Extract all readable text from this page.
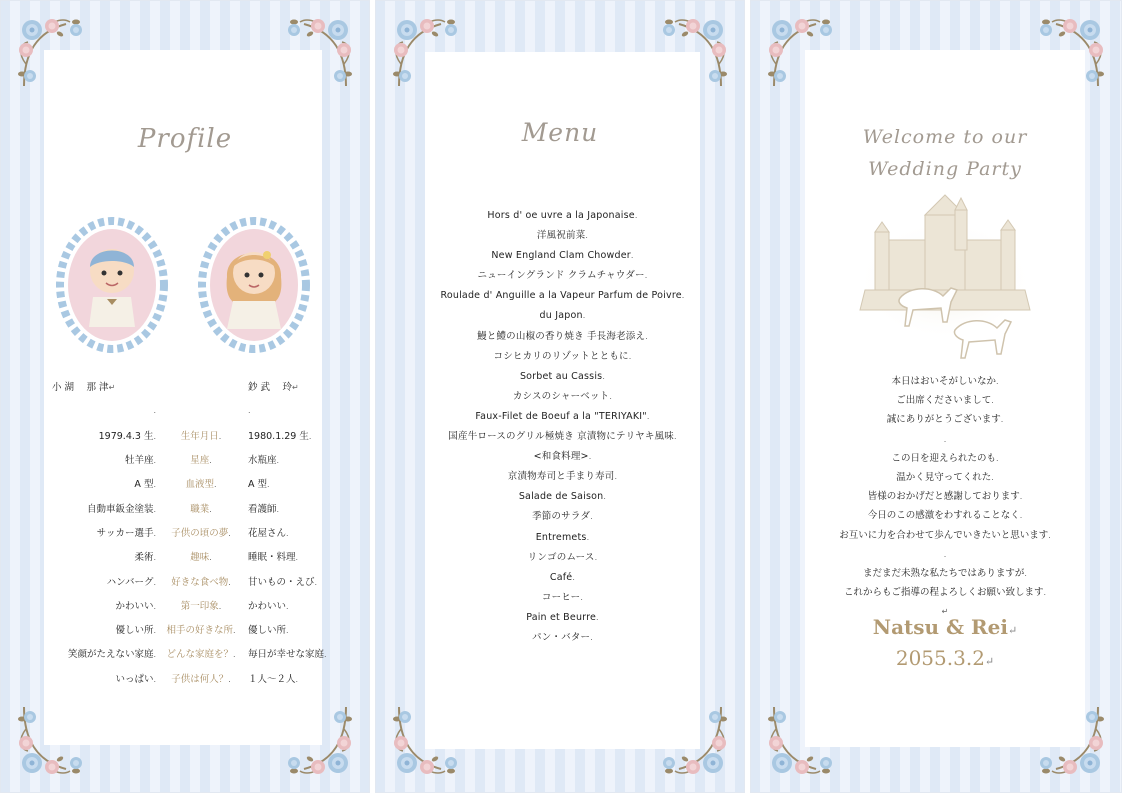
Profile
小 湖　 那 津↵		鈔 武　 玲↵
.		.
1979.4.3 生.	生年月日.	1980.1.29 生.
牡羊座.	星座.	水瓶座.
A 型.	血液型.	A 型.
自動車鈑金塗装.	職業.	看護師.
サッカー選手.	子供の頃の夢.	花屋さん.
柔術.	趣味.	睡眠・料理.
ハンバーグ.	好きな食べ物.	甘いもの・えび.
かわいい.	第一印象.	かわいい.
優しい所.	相手の好きな所.	優しい所.
笑顔がたえない家庭.	どんな家庭を？.	毎日が幸せな家庭.
いっぱい.	子供は何人？.	１人～２人.
Menu
Hors d' oe uvre a la Japonaise.
洋風祝前菜.
New England Clam Chowder.
ニューイングランド クラムチャウダー.
Roulade d' Anguille a la Vapeur Parfum de Poivre.
du Japon.
鰻と鱧の山椒の香り焼き 手長海老添え.
コシヒカリのリゾットとともに.
Sorbet au Cassis.
カシスのシャーベット.
Faux-Filet de Boeuf a la "TERIYAKI".
国産牛ロースのグリル極焼き 京漬物にテリヤキ風味.
<和食料理>.
京漬物寿司と手まり寿司.
Salade de Saison.
季節のサラダ.
Entremets.
リンゴのムース.
Café.
コーヒー.
Pain et Beurre.
パン・バター.
Welcome to our
Wedding Party
本日はおいそがしいなか.
ご出席くださいまして.
誠にありがとうございます.
.
この日を迎えられたのも.
温かく見守ってくれた.
皆様のおかげだと感謝しております.
今日のこの感激をわすれることなく.
お互いに力を合わせて歩んでいきたいと思います.
.
まだまだ未熟な私たちではありますが.
これからもご指導の程よろしくお願い致します.
↵
Natsu & Rei↵
2055.3.2↵
